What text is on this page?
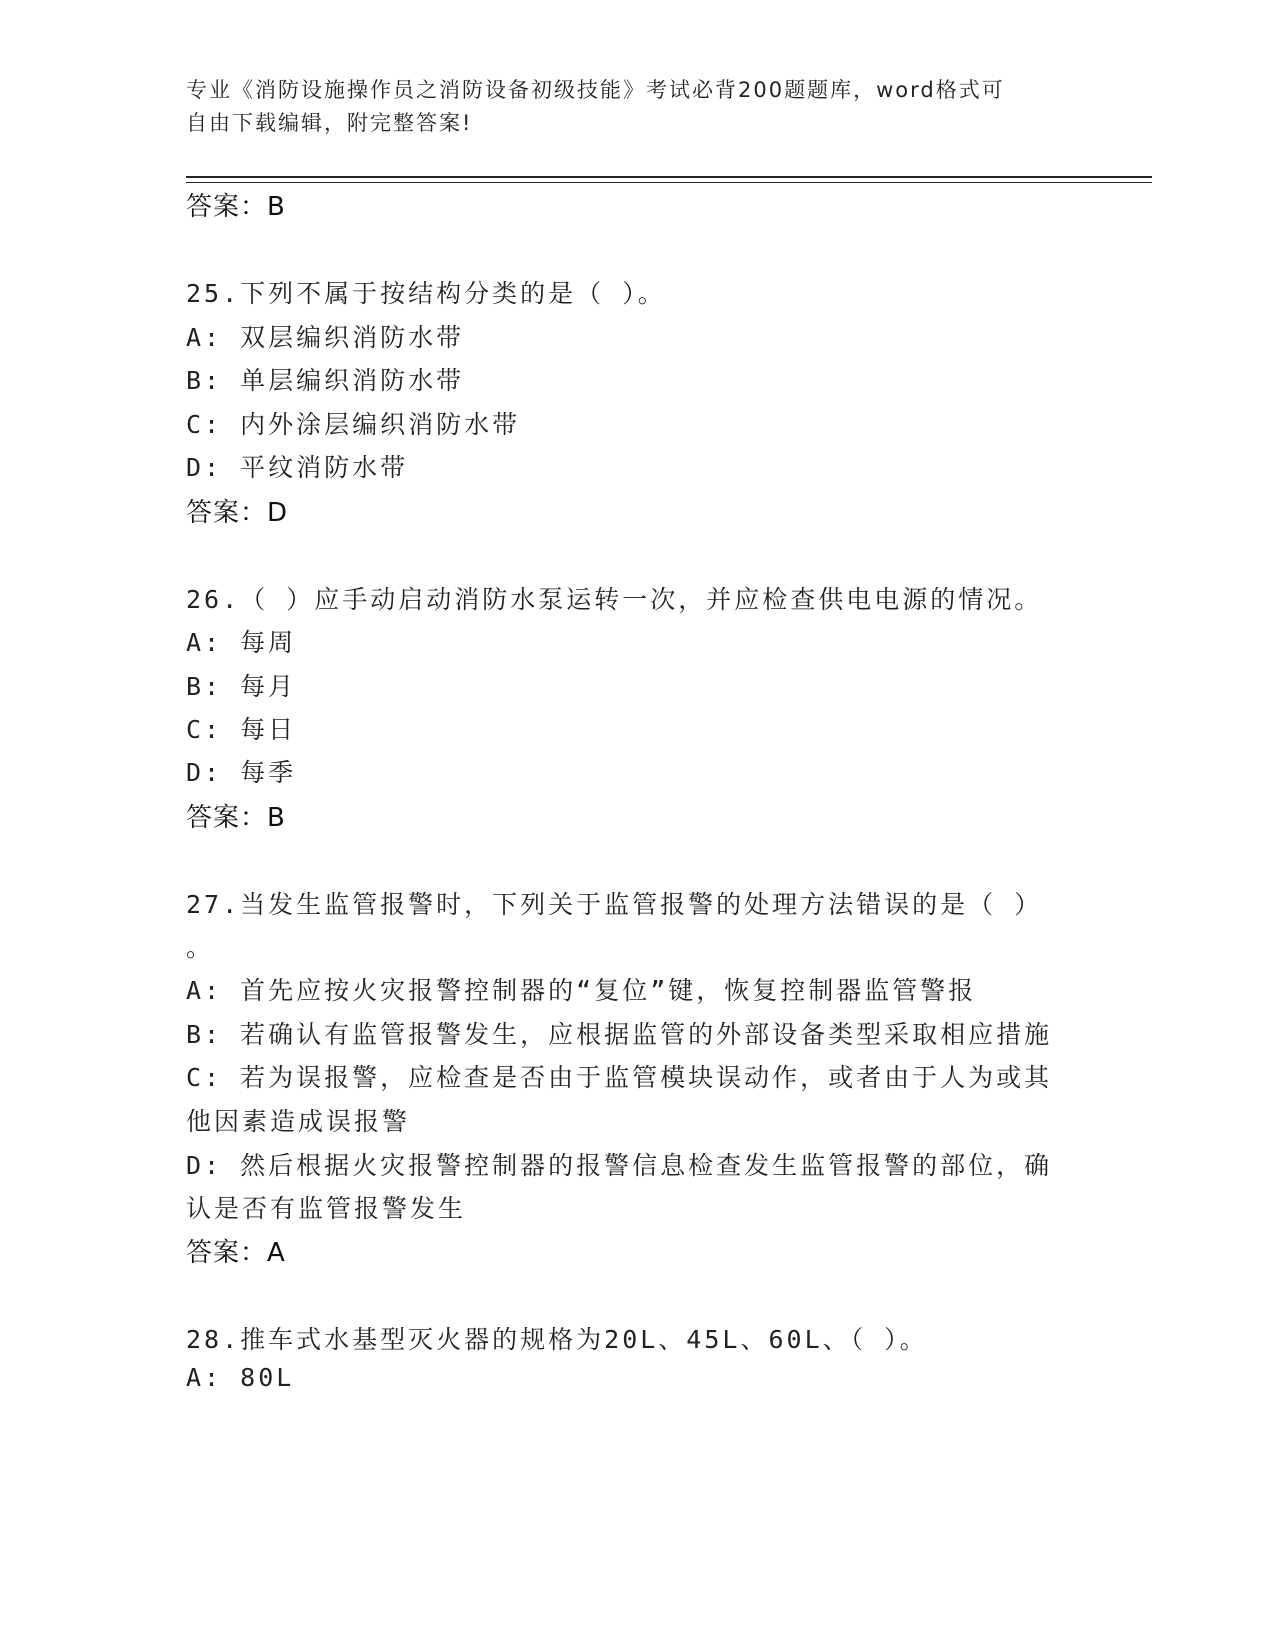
专业《消防设施操作员之消防设备初级技能》考试必背200题题库，word格式可
自由下载编辑，附完整答案!
答案：B
25.下列不属于按结构分类的是（ ）。
A: 双层编织消防水带
B: 单层编织消防水带
C: 内外涂层编织消防水带
D: 平纹消防水带
答案：D
26.（ ）应手动启动消防水泵运转一次，并应检查供电电源的情况。
A: 每周
B: 每月
C: 每日
D: 每季
答案：B
27.当发生监管报警时，下列关于监管报警的处理方法错误的是（ ）
。
A: 首先应按火灾报警控制器的“复位”键，恢复控制器监管警报
B: 若确认有监管报警发生，应根据监管的外部设备类型采取相应措施
C: 若为误报警，应检查是否由于监管模块误动作，或者由于人为或其
他因素造成误报警
D: 然后根据火灾报警控制器的报警信息检查发生监管报警的部位，确
认是否有监管报警发生
答案：A
28.推车式水基型灭火器的规格为20L、45L、60L、（ ）。
A: 80L
